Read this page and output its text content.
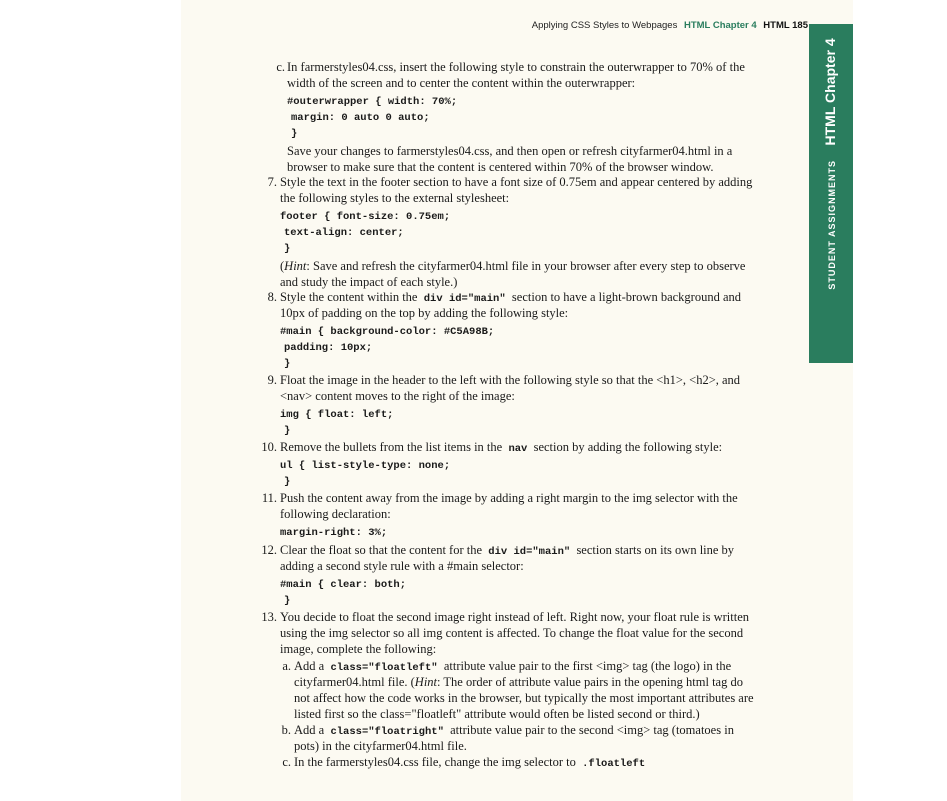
Applying CSS Styles to Webpages HTML Chapter 4 HTML 185
c. In farmerstyles04.css, insert the following style to constrain the outerwrapper to 70% of the
width of the screen and to center the content within the outerwrapper:
#outerwrapper { width: 70%;
margin: 0 auto 0 auto;
}
Save your changes to farmerstyles04.css, and then open or refresh cityfarmer04.html in a
browser to make sure that the content is centered within 70% of the browser window.
7. Style the text in the footer section to have a font size of 0.75em and appear centered by adding
the following styles to the external stylesheet:
footer { font-size: 0.75em;
text-align: center;
}
(Hint: Save and refresh the cityfarmer04.html file in your browser after every step to observe
and study the impact of each style.)
8. Style the content within the div id="main" section to have a light-brown background and
10px of padding on the top by adding the following style:
#main { background-color: #C5A98B;
padding: 10px;
}
9. Float the image in the header to the left with the following style so that the <h1>, <h2>, and
<nav> content moves to the right of the image:
img { float: left;
}
10. Remove the bullets from the list items in the nav section by adding the following style:
ul { list-style-type: none;
}
11. Push the content away from the image by adding a right margin to the img selector with the
following declaration:
margin-right: 3%;
12. Clear the float so that the content for the div id="main" section starts on its own line by
adding a second style rule with a #main selector:
#main { clear: both;
}
13. You decide to float the second image right instead of left. Right now, your float rule is written
using the img selector so all img content is affected. To change the float value for the second
image, complete the following:
a. Add a class="floatleft" attribute value pair to the first <img> tag (the logo) in the
cityfarmer04.html file. (Hint: The order of attribute value pairs in the opening html tag do
not affect how the code works in the browser, but typically the most important attributes are
listed first so the class="floatleft" attribute would often be listed second or third.)
b. Add a class="floatright" attribute value pair to the second <img> tag (tomatoes in
pots) in the cityfarmer04.html file.
c. In the farmerstyles04.css file, change the img selector to .floatleft
STUDENT ASSIGNMENTS HTML Chapter 4
